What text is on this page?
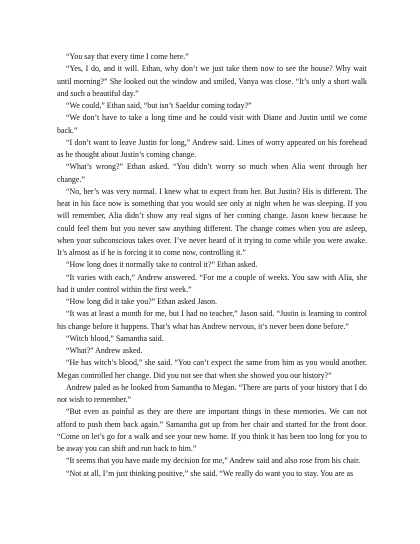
“You say that every time I come here.”

“Yes, I do, and it will. Ethan, why don’t we just take them now to see the house? Why wait until morning?” She looked out the window and smiled, Vanya was close. “It’s only a short walk and such a beautiful day.”

“We could,” Ethan said, “but isn’t Saeldur coming today?”

“We don’t have to take a long time and he could visit with Diane and Justin until we come back.”

“I don’t want to leave Justin for long,” Andrew said. Lines of worry appeared on his forehead as he thought about Justin’s coming change.

“What’s wrong?” Ethan asked. “You didn’t worry so much when Alia went through her change.”

“No, her’s was very normal. I knew what to expect from her. But Justin? His is different. The heat in his face now is something that you would see only at night when he was sleeping. If you will remember, Alia didn’t show any real signs of her coming change. Jason knew because he could feel them but you never saw anything different. The change comes when you are asleep, when your subconscious takes over. I’ve never heard of it trying to come while you were awake. It’s almost as if he is forcing it to come now, controlling it.”

“How long does it normally take to control it?” Ethan asked.

“It varies with each,” Andrew answered. “For me a couple of weeks. You saw with Alia, she had it under control within the first week.”

“How long did it take you?” Ethan asked Jason.

“It was at least a month for me, but I had no teacher,” Jason said. “Justin is learning to control his change before it happens. That’s what has Andrew nervous, it’s never been done before.”

“Witch blood,” Samantha said.

“What?” Andrew asked.

“He has witch’s blood,” she said. “You can’t expect the same from him as you would another. Megan controlled her change. Did you not see that when she showed you our history?”

Andrew paled as he looked from Samantha to Megan. “There are parts of your history that I do not wish to remember.”

“But even as painful as they are there are important things in these memories. We can not afford to push them back again.” Samantha got up from her chair and started for the front door. “Come on let’s go for a walk and see your new home. If you think it has been too long for you to be away you can shift and run back to him.”

“It seems that you have made my decision for me,” Andrew said and also rose from his chair.

“Not at all, I’m just thinking positive,” she said. “We really do want you to stay. You are as
